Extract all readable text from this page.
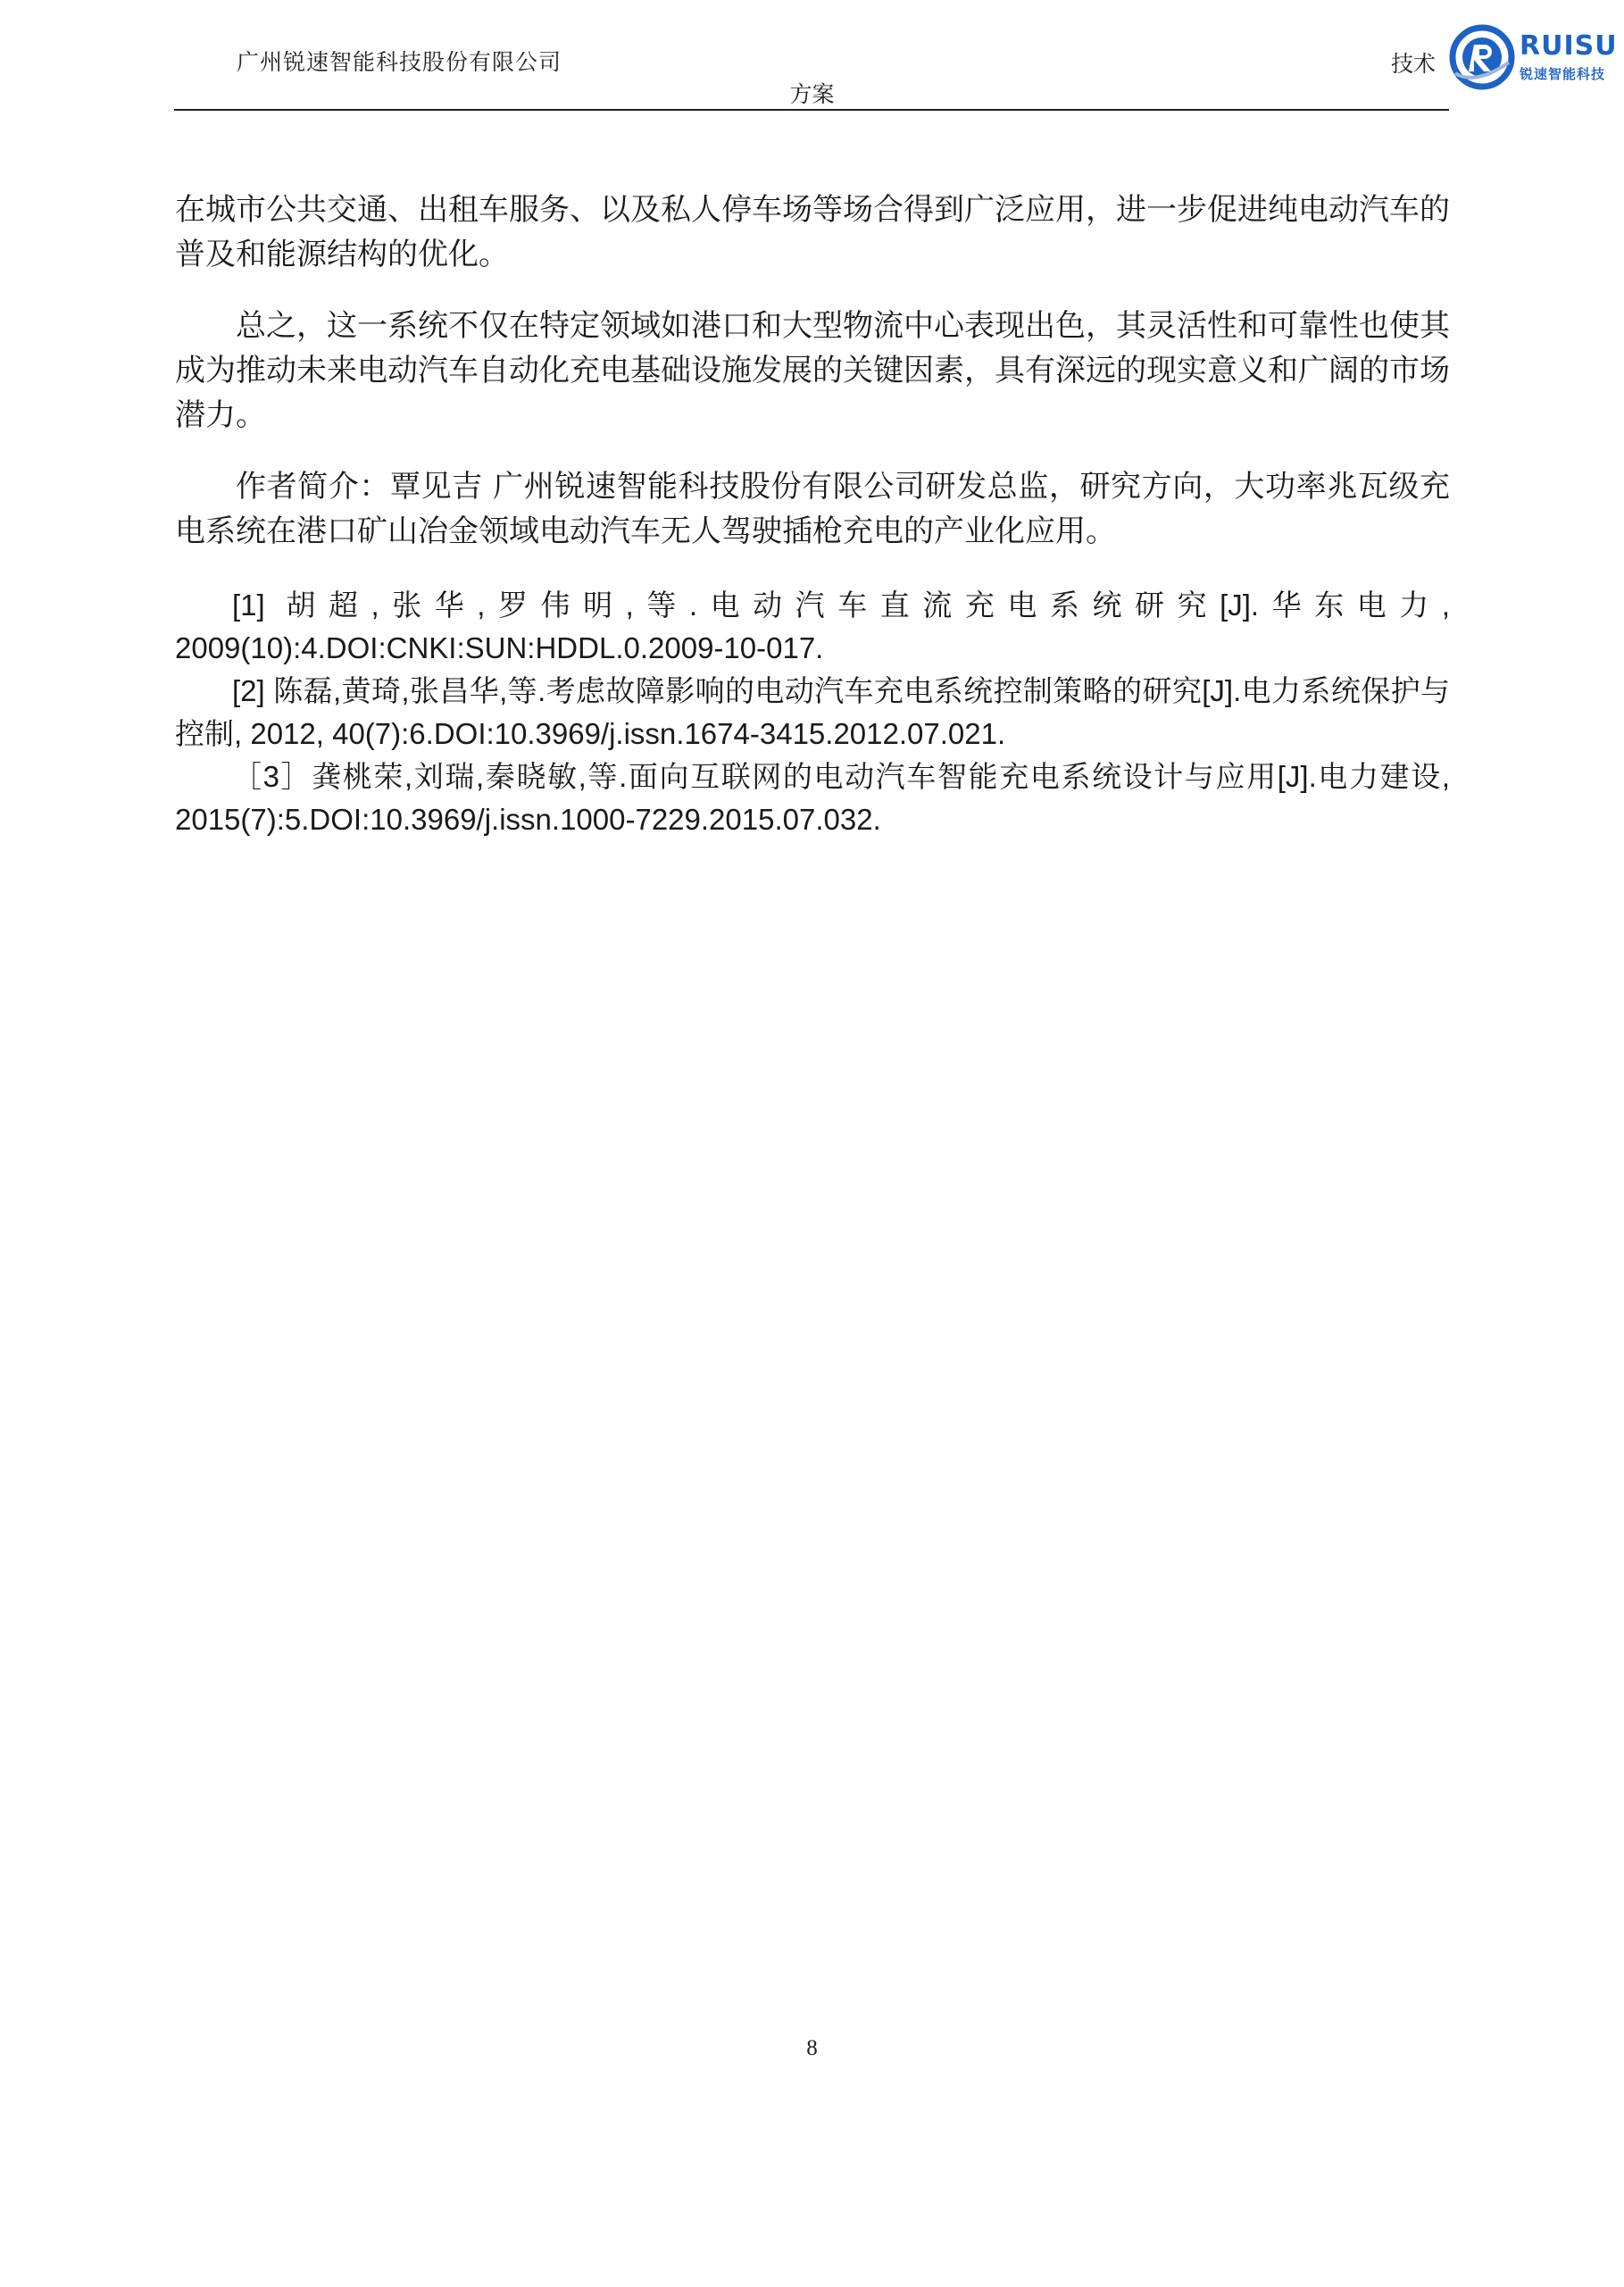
广州锐速智能科技股份有限公司	技术
方案
RUISU
锐速智能科技

在城市公共交通、出租车服务、以及私人停车场等场合得到广泛应用，进一步促进纯电动汽车的普及和能源结构的优化。

总之，这一系统不仅在特定领域如港口和大型物流中心表现出色，其灵活性和可靠性也使其成为推动未来电动汽车自动化充电基础设施发展的关键因素，具有深远的现实意义和广阔的市场潜力。

作者简介：覃见吉 广州锐速智能科技股份有限公司研发总监，研究方向，大功率兆瓦级充电系统在港口矿山冶金领域电动汽车无人驾驶插枪充电的产业化应用。

[1] 胡超,张华,罗伟明,等.电动汽车直流充电系统研究[J].华东电力, 2009(10):4.DOI:CNKI:SUN:HDDL.0.2009-10-017.

[2] 陈磊,黄琦,张昌华,等.考虑故障影响的电动汽车充电系统控制策略的研究[J].电力系统保护与控制, 2012, 40(7):6.DOI:10.3969/j.issn.1674-3415.2012.07.021.

［3］龚桃荣,刘瑞,秦晓敏,等.面向互联网的电动汽车智能充电系统设计与应用[J].电力建设, 2015(7):5.DOI:10.3969/j.issn.1000-7229.2015.07.032.

8
